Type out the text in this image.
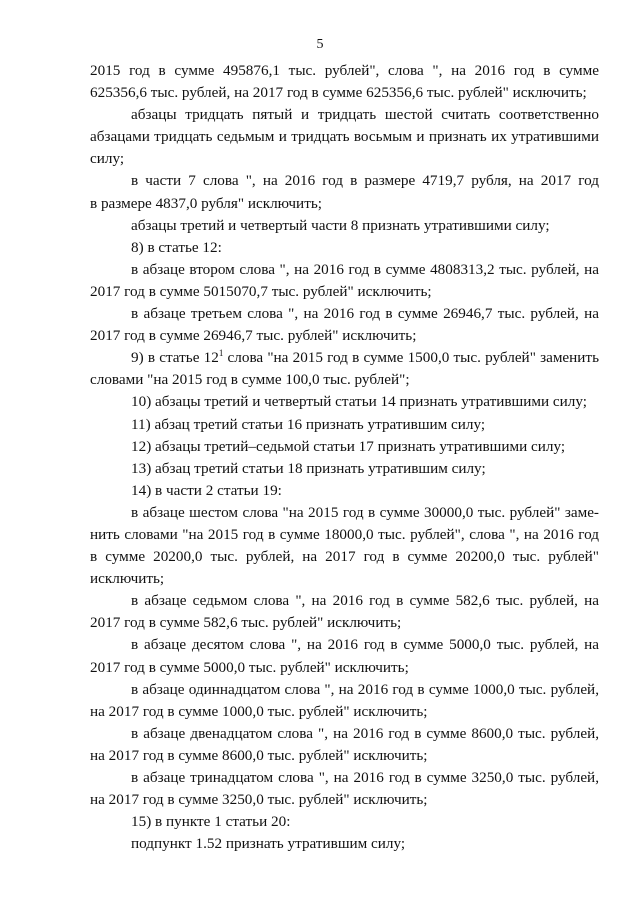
5
2015 год в сумме 495876,1 тыс. рублей", слова ", на 2016 год в сумме
625356,6 тыс. рублей, на 2017 год в сумме 625356,6 тыс. рублей" исключить;
абзацы тридцать пятый и тридцать шестой считать соответственно
абзацами тридцать седьмым и тридцать восьмым и признать их утратившими
силу;
в части 7 слова ", на 2016 год в размере 4719,7 рубля, на 2017 год
в размере 4837,0 рубля" исключить;
абзацы третий и четвертый части 8 признать утратившими силу;
8) в статье 12:
в абзаце втором слова ", на 2016 год в сумме 4808313,2 тыс. рублей, на
2017 год в сумме 5015070,7 тыс. рублей" исключить;
в абзаце третьем слова ", на 2016 год в сумме 26946,7 тыс. рублей, на
2017 год в сумме 26946,7 тыс. рублей" исключить;
9) в статье $12^1$ слова "на 2015 год в сумме 1500,0 тыс. рублей" заменить
словами "на 2015 год в сумме 100,0 тыс. рублей";
10) абзацы третий и четвертый статьи 14 признать утратившими силу;
11) абзац третий статьи 16 признать утратившим силу;
12) абзацы третий–седьмой статьи 17 признать утратившими силу;
13) абзац третий статьи 18 признать утратившим силу;
14) в части 2 статьи 19:
в абзаце шестом слова "на 2015 год в сумме 30000,0 тыс. рублей" заме-
нить словами "на 2015 год в сумме 18000,0 тыс. рублей", слова ", на 2016 год
в сумме 20200,0 тыс. рублей, на 2017 год в сумме 20200,0 тыс. рублей"
исключить;
в абзаце седьмом слова ", на 2016 год в сумме 582,6 тыс. рублей, на
2017 год в сумме 582,6 тыс. рублей" исключить;
в абзаце десятом слова ", на 2016 год в сумме 5000,0 тыс. рублей, на
2017 год в сумме 5000,0 тыс. рублей" исключить;
в абзаце одиннадцатом слова ", на 2016 год в сумме 1000,0 тыс. рублей,
на 2017 год в сумме 1000,0 тыс. рублей" исключить;
в абзаце двенадцатом слова ", на 2016 год в сумме 8600,0 тыс. рублей,
на 2017 год в сумме 8600,0 тыс. рублей" исключить;
в абзаце тринадцатом слова ", на 2016 год в сумме 3250,0 тыс. рублей,
на 2017 год в сумме 3250,0 тыс. рублей" исключить;
15) в пункте 1 статьи 20:
подпункт 1.52 признать утратившим силу;
